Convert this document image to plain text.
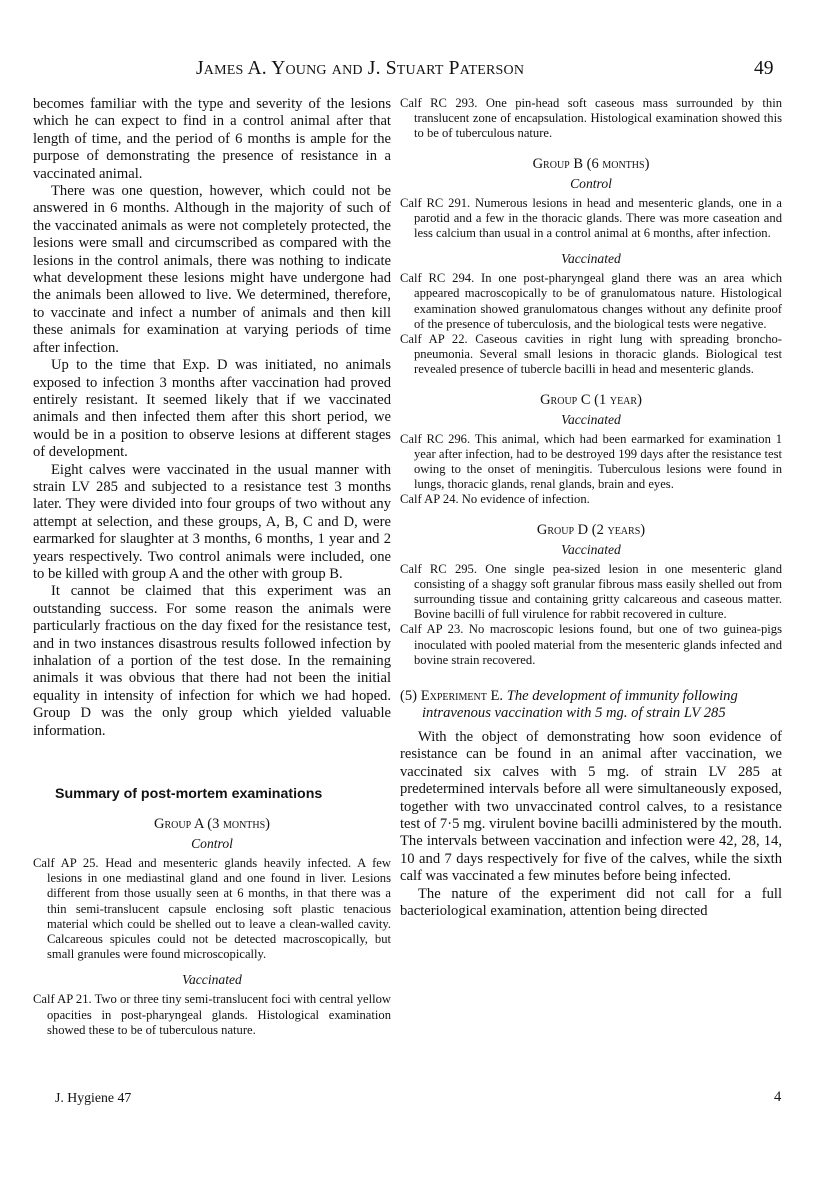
James A. Young and J. Stuart Paterson	49

becomes familiar with the type and severity of the lesions which he can expect to find in a control animal after that length of time, and the period of 6 months is ample for the purpose of demonstrating the presence of resistance in a vaccinated animal.

There was one question, however, which could not be answered in 6 months. Although in the majority of such of the vaccinated animals as were not completely protected, the lesions were small and circumscribed as compared with the lesions in the control animals, there was nothing to indicate what development these lesions might have undergone had the animals been allowed to live. We determined, therefore, to vaccinate and infect a number of animals and then kill these animals for examination at varying periods of time after infection.

Up to the time that Exp. D was initiated, no animals exposed to infection 3 months after vaccination had proved entirely resistant. It seemed likely that if we vaccinated animals and then infected them after this short period, we would be in a position to observe lesions at different stages of development.

Eight calves were vaccinated in the usual manner with strain LV 285 and subjected to a resistance test 3 months later. They were divided into four groups of two without any attempt at selection, and these groups, A, B, C and D, were earmarked for slaughter at 3 months, 6 months, 1 year and 2 years respectively. Two control animals were included, one to be killed with group A and the other with group B.

It cannot be claimed that this experiment was an outstanding success. For some reason the animals were particularly fractious on the day fixed for the resistance test, and in two instances disastrous results followed infection by inhalation of a portion of the test dose. In the remaining animals it was obvious that there had not been the initial equality in intensity of infection for which we had hoped. Group D was the only group which yielded valuable information.

Summary of post-mortem examinations
Group A (3 months)
Control

Calf AP 25. Head and mesenteric glands heavily infected. A few lesions in one mediastinal gland and one found in liver. Lesions different from those usually seen at 6 months, in that there was a thin semi-translucent capsule enclosing soft plastic tenacious material which could be shelled out to leave a clean-walled cavity. Calcareous spicules could not be detected macroscopically, but small granules were found microscopically.

Vaccinated

Calf AP 21. Two or three tiny semi-translucent foci with central yellow opacities in post-pharyngeal glands. Histological examination showed these to be of tuberculous nature.

Calf RC 293. One pin-head soft caseous mass surrounded by thin translucent zone of encapsulation. Histological examination showed this to be of tuberculous nature.

Group B (6 months)
Control

Calf RC 291. Numerous lesions in head and mesenteric glands, one in a parotid and a few in the thoracic glands. There was more caseation and less calcium than usual in a control animal at 6 months, after infection.

Vaccinated

Calf RC 294. In one post-pharyngeal gland there was an area which appeared macroscopically to be of granulomatous nature. Histological examination showed granulomatous changes without any definite proof of the presence of tuberculosis, and the biological tests were negative.

Calf AP 22. Caseous cavities in right lung with spreading broncho-pneumonia. Several small lesions in thoracic glands. Biological test revealed presence of tubercle bacilli in head and mesenteric glands.

Group C (1 year)
Vaccinated

Calf RC 296. This animal, which had been earmarked for examination 1 year after infection, had to be destroyed 199 days after the resistance test owing to the onset of meningitis. Tuberculous lesions were found in lungs, thoracic glands, renal glands, brain and eyes.

Calf AP 24. No evidence of infection.

Group D (2 years)
Vaccinated

Calf RC 295. One single pea-sized lesion in one mesenteric gland consisting of a shaggy soft granular fibrous mass easily shelled out from surrounding tissue and containing gritty calcareous and caseous matter. Bovine bacilli of full virulence for rabbit recovered in culture.

Calf AP 23. No macroscopic lesions found, but one of two guinea-pigs inoculated with pooled material from the mesenteric glands infected and bovine strain recovered.

(5) Experiment E. The development of immunity following intravenous vaccination with 5 mg. of strain LV 285

With the object of demonstrating how soon evidence of resistance can be found in an animal after vaccination, we vaccinated six calves with 5 mg. of strain LV 285 at predetermined intervals before all were simultaneously exposed, together with two unvaccinated control calves, to a resistance test of 7·5 mg. virulent bovine bacilli administered by the mouth. The intervals between vaccination and infection were 42, 28, 14, 10 and 7 days respectively for five of the calves, while the sixth calf was vaccinated a few minutes before being infected.

The nature of the experiment did not call for a full bacteriological examination, attention being directed

J. Hygiene 47	4
